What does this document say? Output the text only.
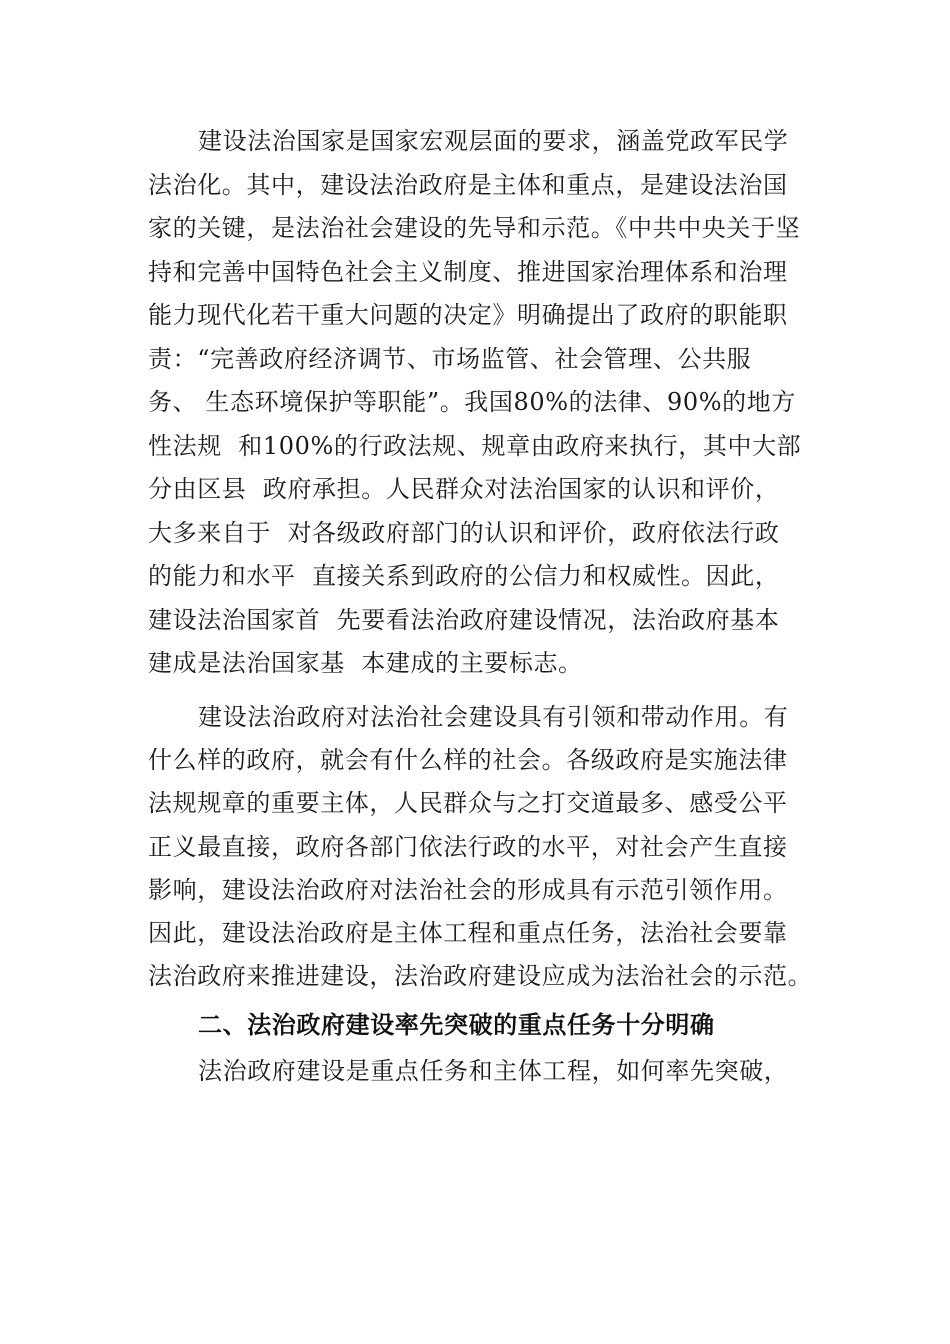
建设法治国家是国家宏观层面的要求，涵盖党政军民学
法治化。其中，建设法治政府是主体和重点，是建设法治国
家的关键，是法治社会建设的先导和示范。《中共中央关于坚
持和完善中国特色社会主义制度、推进国家治理体系和治理
能力现代化若干重大问题的决定》明确提出了政府的职能职
责：“完善政府经济调节、市场监管、社会管理、公共服
务、 生态环境保护等职能”。我国80%的法律、90%的地方
性法规  和100%的行政法规、规章由政府来执行，其中大部
分由区县  政府承担。人民群众对法治国家的认识和评价，
大多来自于  对各级政府部门的认识和评价，政府依法行政
的能力和水平  直接关系到政府的公信力和权威性。因此，
建设法治国家首  先要看法治政府建设情况，法治政府基本
建成是法治国家基  本建成的主要标志。
建设法治政府对法治社会建设具有引领和带动作用。有
什么样的政府，就会有什么样的社会。各级政府是实施法律
法规规章的重要主体，人民群众与之打交道最多、感受公平
正义最直接，政府各部门依法行政的水平，对社会产生直接
影响，建设法治政府对法治社会的形成具有示范引领作用。
因此，建设法治政府是主体工程和重点任务，法治社会要靠
法治政府来推进建设，法治政府建设应成为法治社会的示范。
二、法治政府建设率先突破的重点任务十分明确
法治政府建设是重点任务和主体工程，如何率先突破，
